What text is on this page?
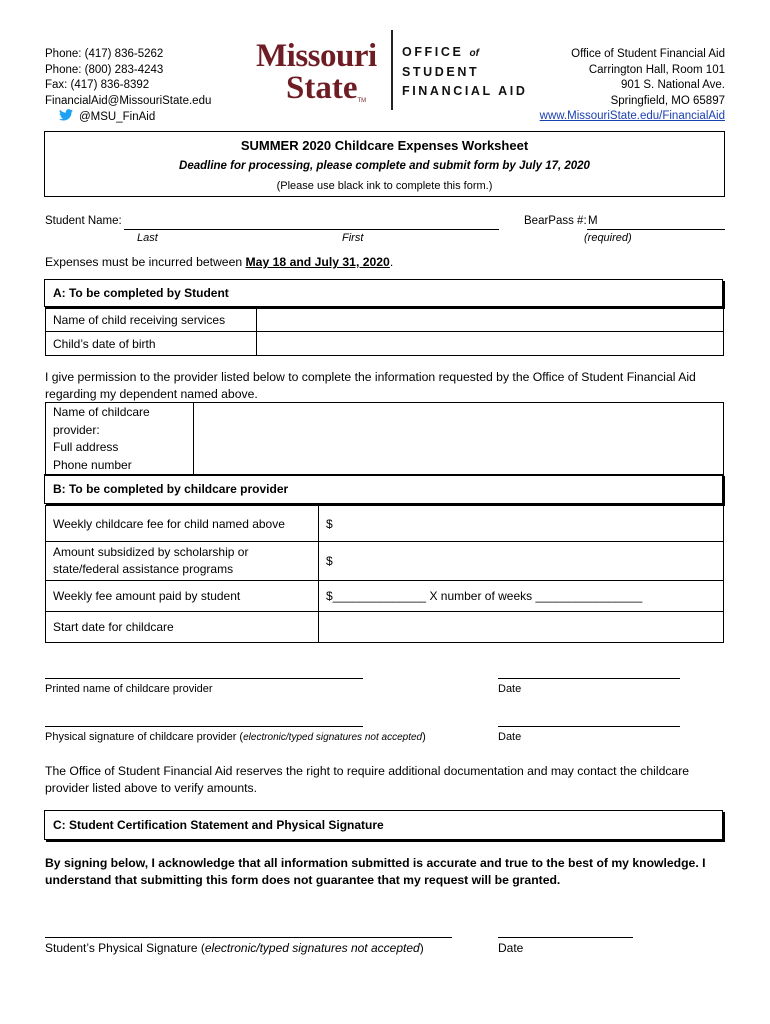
Phone: (417) 836-5262
Phone: (800) 283-4243
Fax: (417) 836-8392
FinancialAid@MissouriState.edu
@MSU_FinAid
Missouri
State TM
OFFICE of
STUDENT
FINANCIAL AID
Office of Student Financial Aid
Carrington Hall, Room 101
901 S. National Ave.
Springfield, MO 65897
www.MissouriState.edu/FinancialAid
SUMMER 2020 Childcare Expenses Worksheet
Deadline for processing, please complete and submit form by July 17, 2020
(Please use black ink to complete this form.)
Student Name:
Last	First
BearPass #: M
(required)
Expenses must be incurred between May 18 and July 31, 2020.
A: To be completed by Student
Name of child receiving services	
Child’s date of birth	
I give permission to the provider listed below to complete the information requested by the Office of Student Financial Aid regarding my dependent named above.
Name of childcare provider:
Full address
Phone number

B: To be completed by childcare provider
Weekly childcare fee for child named above	$
Amount subsidized by scholarship or state/federal assistance programs	$
Weekly fee amount paid by student	$______________ X number of weeks ________________
Start date for childcare	
Printed name of childcare provider	Date
Physical signature of childcare provider (electronic/typed signatures not accepted)	Date
The Office of Student Financial Aid reserves the right to require additional documentation and may contact the childcare provider listed above to verify amounts.
C: Student Certification Statement and Physical Signature
By signing below, I acknowledge that all information submitted is accurate and true to the best of my knowledge. I understand that submitting this form does not guarantee that my request will be granted.
Student’s Physical Signature (electronic/typed signatures not accepted)	Date
